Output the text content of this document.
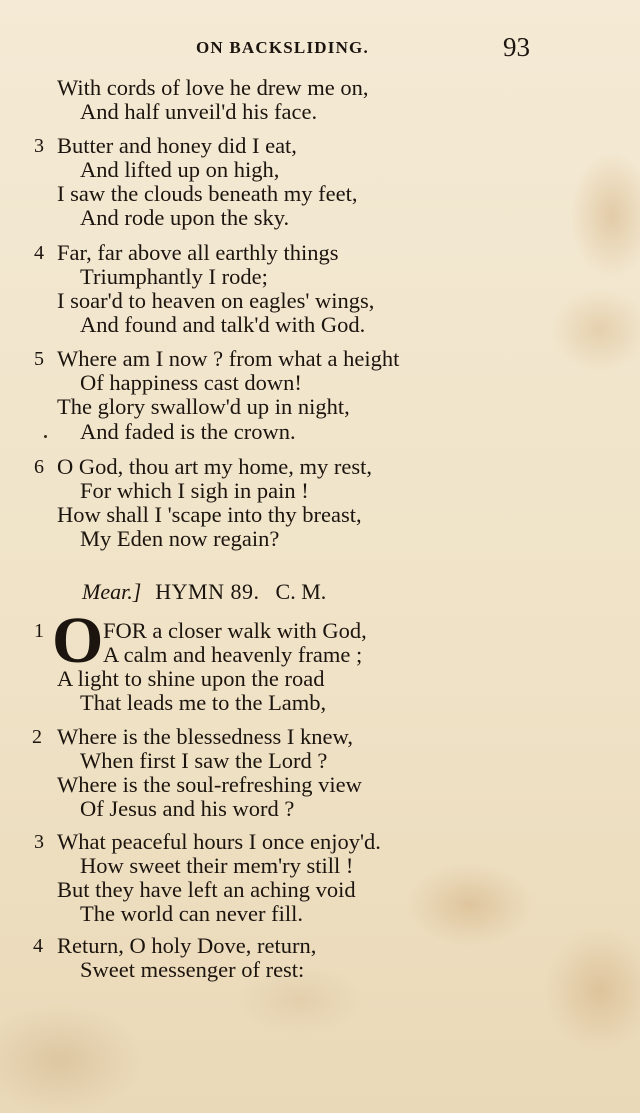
ON BACKSLIDING.	93
With cords of love he drew me on,
And half unveil'd his face.
3 Butter and honey did I eat,
And lifted up on high,
I saw the clouds beneath my feet,
And rode upon the sky.
4 Far, far above all earthly things
Triumphantly I rode;
I soar'd to heaven on eagles' wings,
And found and talk'd with God.
5 Where am I now ? from what a height
Of happiness cast down!
The glory swallow'd up in night,
And faded is the crown.
6 O God, thou art my home, my rest,
For which I sigh in pain !
How shall I 'scape into thy breast,
My Eden now regain?
Mear.] HYMN 89. C. M.
1 O FOR a closer walk with God,
A calm and heavenly frame ;
A light to shine upon the road
That leads me to the Lamb,
2 Where is the blessedness I knew,
When first I saw the Lord ?
Where is the soul-refreshing view
Of Jesus and his word ?
3 What peaceful hours I once enjoy'd.
How sweet their mem'ry still !
But they have left an aching void
The world can never fill.
4 Return, O holy Dove, return,
Sweet messenger of rest:
